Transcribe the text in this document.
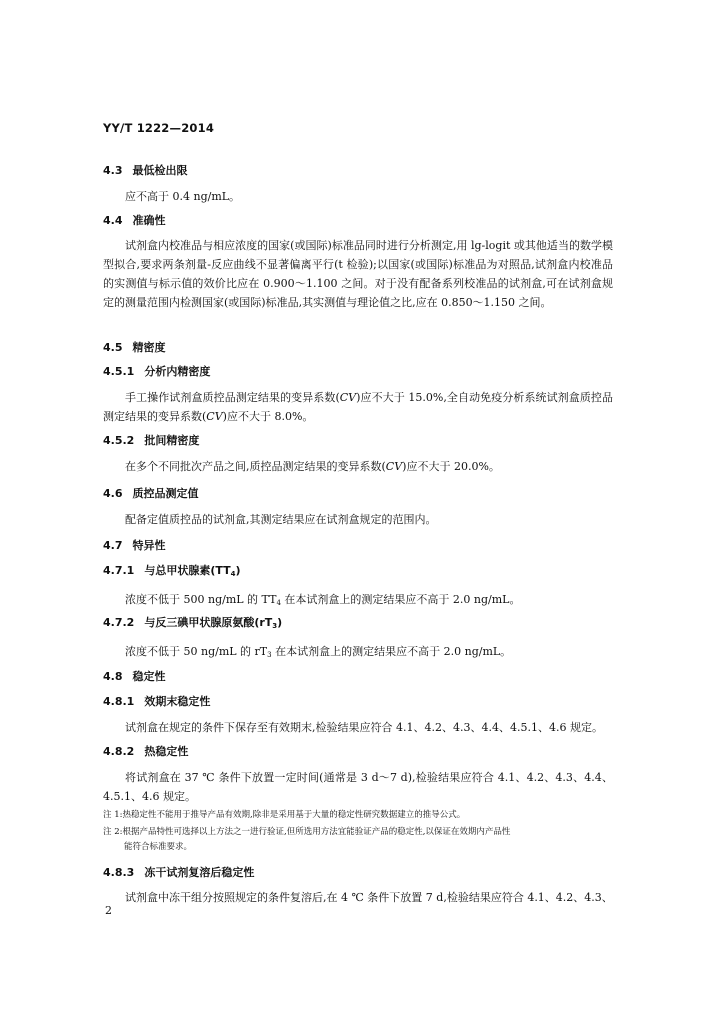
YY/T 1222—2014
4.3 最低检出限
应不高于 0.4 ng/mL。
4.4 准确性
试剂盒内校准品与相应浓度的国家(或国际)标准品同时进行分析测定,用 lg-logit 或其他适当的数学模型拟合,要求两条剂量-反应曲线不显著偏离平行(t 检验);以国家(或国际)标准品为对照品,试剂盒内校准品的实测值与标示值的效价比应在 0.900～1.100 之间。对于没有配备系列校准品的试剂盒,可在试剂盒规定的测量范围内检测国家(或国际)标准品,其实测值与理论值之比,应在 0.850～1.150 之间。
4.5 精密度
4.5.1 分析内精密度
手工操作试剂盒质控品测定结果的变异系数(CV)应不大于 15.0%,全自动免疫分析系统试剂盒质控品测定结果的变异系数(CV)应不大于 8.0%。
4.5.2 批间精密度
在多个不同批次产品之间,质控品测定结果的变异系数(CV)应不大于 20.0%。
4.6 质控品测定值
配备定值质控品的试剂盒,其测定结果应在试剂盒规定的范围内。
4.7 特异性
4.7.1 与总甲状腺素$(TT_4)$
浓度不低于 500 ng/mL 的 $TT_4$ 在本试剂盒上的测定结果应不高于 2.0 ng/mL。
4.7.2 与反三碘甲状腺原氨酸$(rT_3)$
浓度不低于 50 ng/mL 的 $rT_3$ 在本试剂盒上的测定结果应不高于 2.0 ng/mL。
4.8 稳定性
4.8.1 效期末稳定性
试剂盒在规定的条件下保存至有效期末,检验结果应符合 4.1、4.2、4.3、4.4、4.5.1、4.6 规定。
4.8.2 热稳定性
将试剂盒在 37 ℃ 条件下放置一定时间(通常是 3 d～7 d),检验结果应符合 4.1、4.2、4.3、4.4、4.5.1、4.6 规定。
注 1:热稳定性不能用于推导产品有效期,除非是采用基于大量的稳定性研究数据建立的推导公式。
注 2:根据产品特性可选择以上方法之一进行验证,但所选用方法宜能验证产品的稳定性,以保证在效期内产品性
能符合标准要求。
4.8.3 冻干试剂复溶后稳定性
试剂盒中冻干组分按照规定的条件复溶后,在 4 ℃ 条件下放置 7 d,检验结果应符合 4.1、4.2、4.3、
2
